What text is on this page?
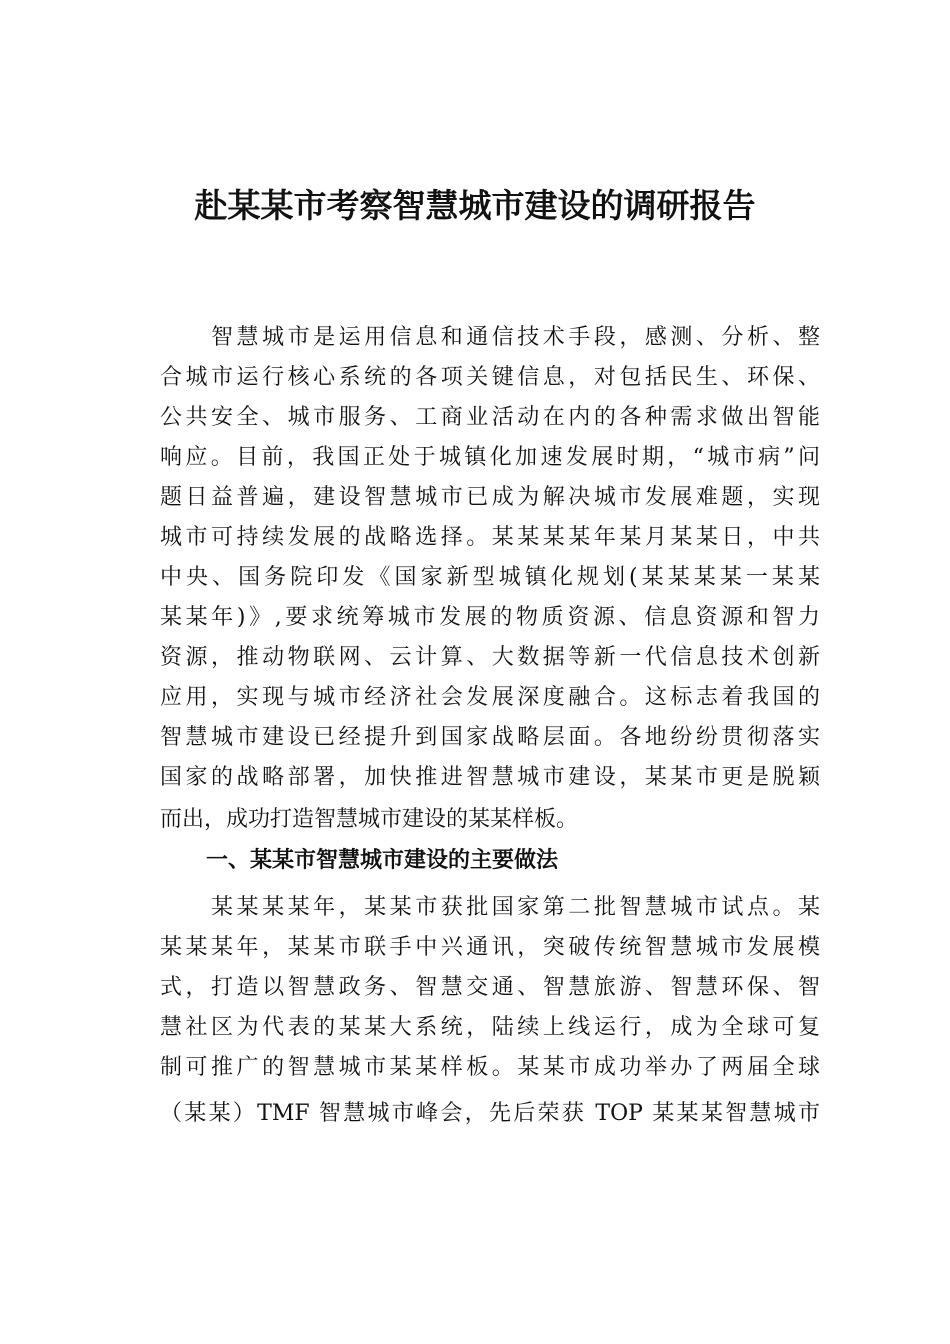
赴某某市考察智慧城市建设的调研报告
　　智慧城市是运用信息和通信技术手段，感测、分析、整
合城市运行核心系统的各项关键信息，对包括民生、环保、
公共安全、城市服务、工商业活动在内的各种需求做出智能
响应。目前，我国正处于城镇化加速发展时期，“城市病”问
题日益普遍，建设智慧城市已成为解决城市发展难题，实现
城市可持续发展的战略选择。某某某某年某月某某日，中共
中央、国务院印发《国家新型城镇化规划(某某某某一某某
某某年)》,要求统筹城市发展的物质资源、信息资源和智力
资源，推动物联网、云计算、大数据等新一代信息技术创新
应用，实现与城市经济社会发展深度融合。这标志着我国的
智慧城市建设已经提升到国家战略层面。各地纷纷贯彻落实
国家的战略部署，加快推进智慧城市建设，某某市更是脱颖
而出，成功打造智慧城市建设的某某样板。
一、某某市智慧城市建设的主要做法
　　某某某某年，某某市获批国家第二批智慧城市试点。某
某某某年，某某市联手中兴通讯，突破传统智慧城市发展模
式，打造以智慧政务、智慧交通、智慧旅游、智慧环保、智
慧社区为代表的某某大系统，陆续上线运行，成为全球可复
制可推广的智慧城市某某样板。某某市成功举办了两届全球
（某某）TMF 智慧城市峰会，先后荣获 TOP 某某某智慧城市
